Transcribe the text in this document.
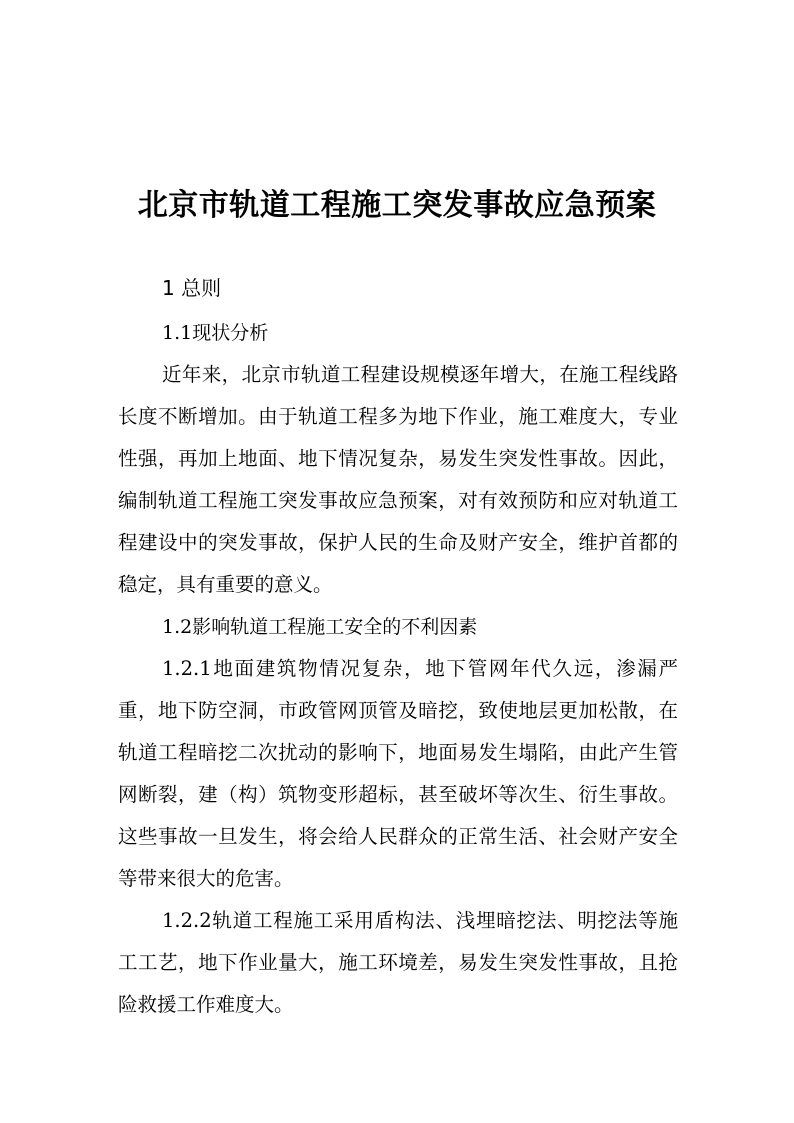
北京市轨道工程施工突发事故应急预案

1 总则

1.1现状分析

近年来，北京市轨道工程建设规模逐年增大，在施工程线路长度不断增加。由于轨道工程多为地下作业，施工难度大，专业性强，再加上地面、地下情况复杂，易发生突发性事故。因此，编制轨道工程施工突发事故应急预案，对有效预防和应对轨道工程建设中的突发事故，保护人民的生命及财产安全，维护首都的稳定，具有重要的意义。

1.2影响轨道工程施工安全的不利因素

1.2.1地面建筑物情况复杂，地下管网年代久远，渗漏严重，地下防空洞，市政管网顶管及暗挖，致使地层更加松散，在轨道工程暗挖二次扰动的影响下，地面易发生塌陷，由此产生管网断裂，建（构）筑物变形超标，甚至破坏等次生、衍生事故。这些事故一旦发生，将会给人民群众的正常生活、社会财产安全等带来很大的危害。

1.2.2轨道工程施工采用盾构法、浅埋暗挖法、明挖法等施工工艺，地下作业量大，施工环境差，易发生突发性事故，且抢险救援工作难度大。
